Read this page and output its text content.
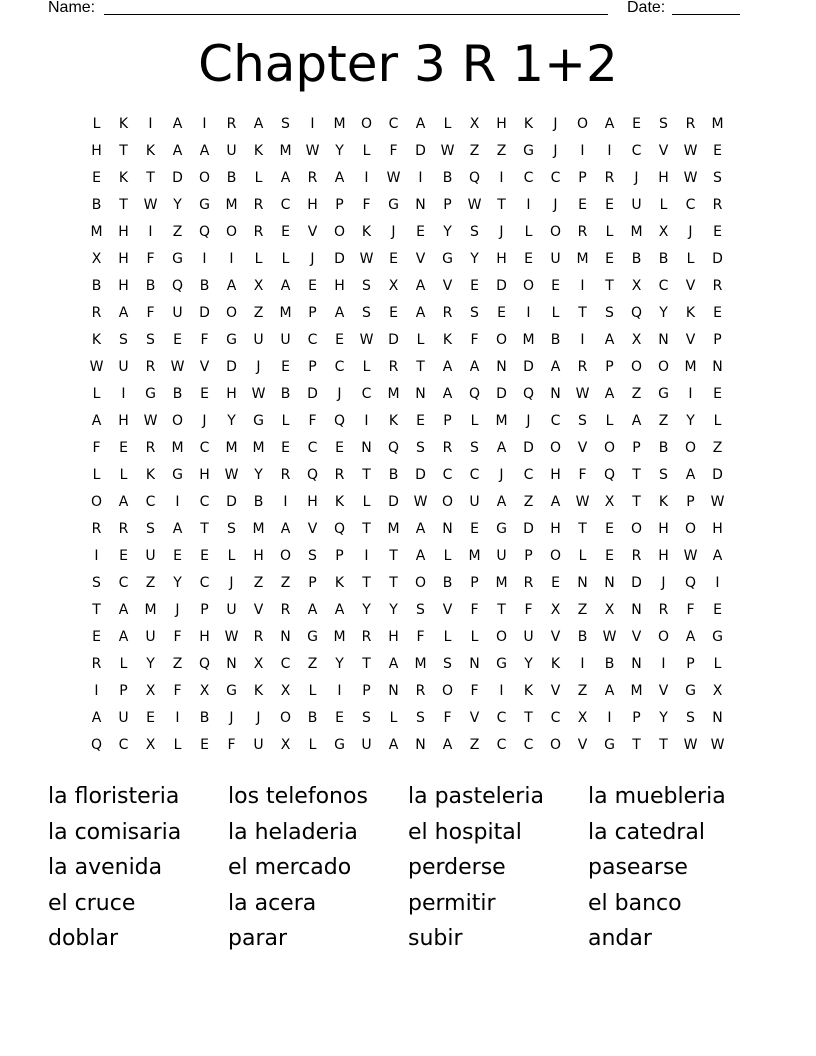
Name:	Date:
Chapter 3 R 1+2
L	K	I	A	I	R	A	S	I	M	O	C	A	L	X	H	K	J	O	A	E	S	R	M
H	T	K	A	A	U	K	M	W	Y	L	F	D	W	Z	Z	G	J	I	I	C	V	W	E
E	K	T	D	O	B	L	A	R	A	I	W	I	B	Q	I	C	C	P	R	J	H	W	S
B	T	W	Y	G	M	R	C	H	P	F	G	N	P	W	T	I	J	E	E	U	L	C	R
M	H	I	Z	Q	O	R	E	V	O	K	J	E	Y	S	J	L	O	R	L	M	X	J	E
X	H	F	G	I	I	L	L	J	D	W	E	V	G	Y	H	E	U	M	E	B	B	L	D
B	H	B	Q	B	A	X	A	E	H	S	X	A	V	E	D	O	E	I	T	X	C	V	R
R	A	F	U	D	O	Z	M	P	A	S	E	A	R	S	E	I	L	T	S	Q	Y	K	E
K	S	S	E	F	G	U	U	C	E	W	D	L	K	F	O	M	B	I	A	X	N	V	P
W	U	R	W	V	D	J	E	P	C	L	R	T	A	A	N	D	A	R	P	O	O	M	N
L	I	G	B	E	H	W	B	D	J	C	M	N	A	Q	D	Q	N	W	A	Z	G	I	E
A	H	W	O	J	Y	G	L	F	Q	I	K	E	P	L	M	J	C	S	L	A	Z	Y	L
F	E	R	M	C	M	M	E	C	E	N	Q	S	R	S	A	D	O	V	O	P	B	O	Z
L	L	K	G	H	W	Y	R	Q	R	T	B	D	C	C	J	C	H	F	Q	T	S	A	D
O	A	C	I	C	D	B	I	H	K	L	D	W	O	U	A	Z	A	W	X	T	K	P	W
R	R	S	A	T	S	M	A	V	Q	T	M	A	N	E	G	D	H	T	E	O	H	O	H
I	E	U	E	E	L	H	O	S	P	I	T	A	L	M	U	P	O	L	E	R	H	W	A
S	C	Z	Y	C	J	Z	Z	P	K	T	T	O	B	P	M	R	E	N	N	D	J	Q	I
T	A	M	J	P	U	V	R	A	A	Y	Y	S	V	F	T	F	X	Z	X	N	R	F	E
E	A	U	F	H	W	R	N	G	M	R	H	F	L	L	O	U	V	B	W	V	O	A	G
R	L	Y	Z	Q	N	X	C	Z	Y	T	A	M	S	N	G	Y	K	I	B	N	I	P	L
I	P	X	F	X	G	K	X	L	I	P	N	R	O	F	I	K	V	Z	A	M	V	G	X
A	U	E	I	B	J	J	O	B	E	S	L	S	F	V	C	T	C	X	I	P	Y	S	N
Q	C	X	L	E	F	U	X	L	G	U	A	N	A	Z	C	C	O	V	G	T	T	W W
la floristeria	los telefonos	la pasteleria	la muebleria
la comisaria	la heladeria	el hospital	la catedral
la avenida	el mercado	perderse	pasearse
el cruce	la acera	permitir	el banco
doblar	parar	subir	andar
